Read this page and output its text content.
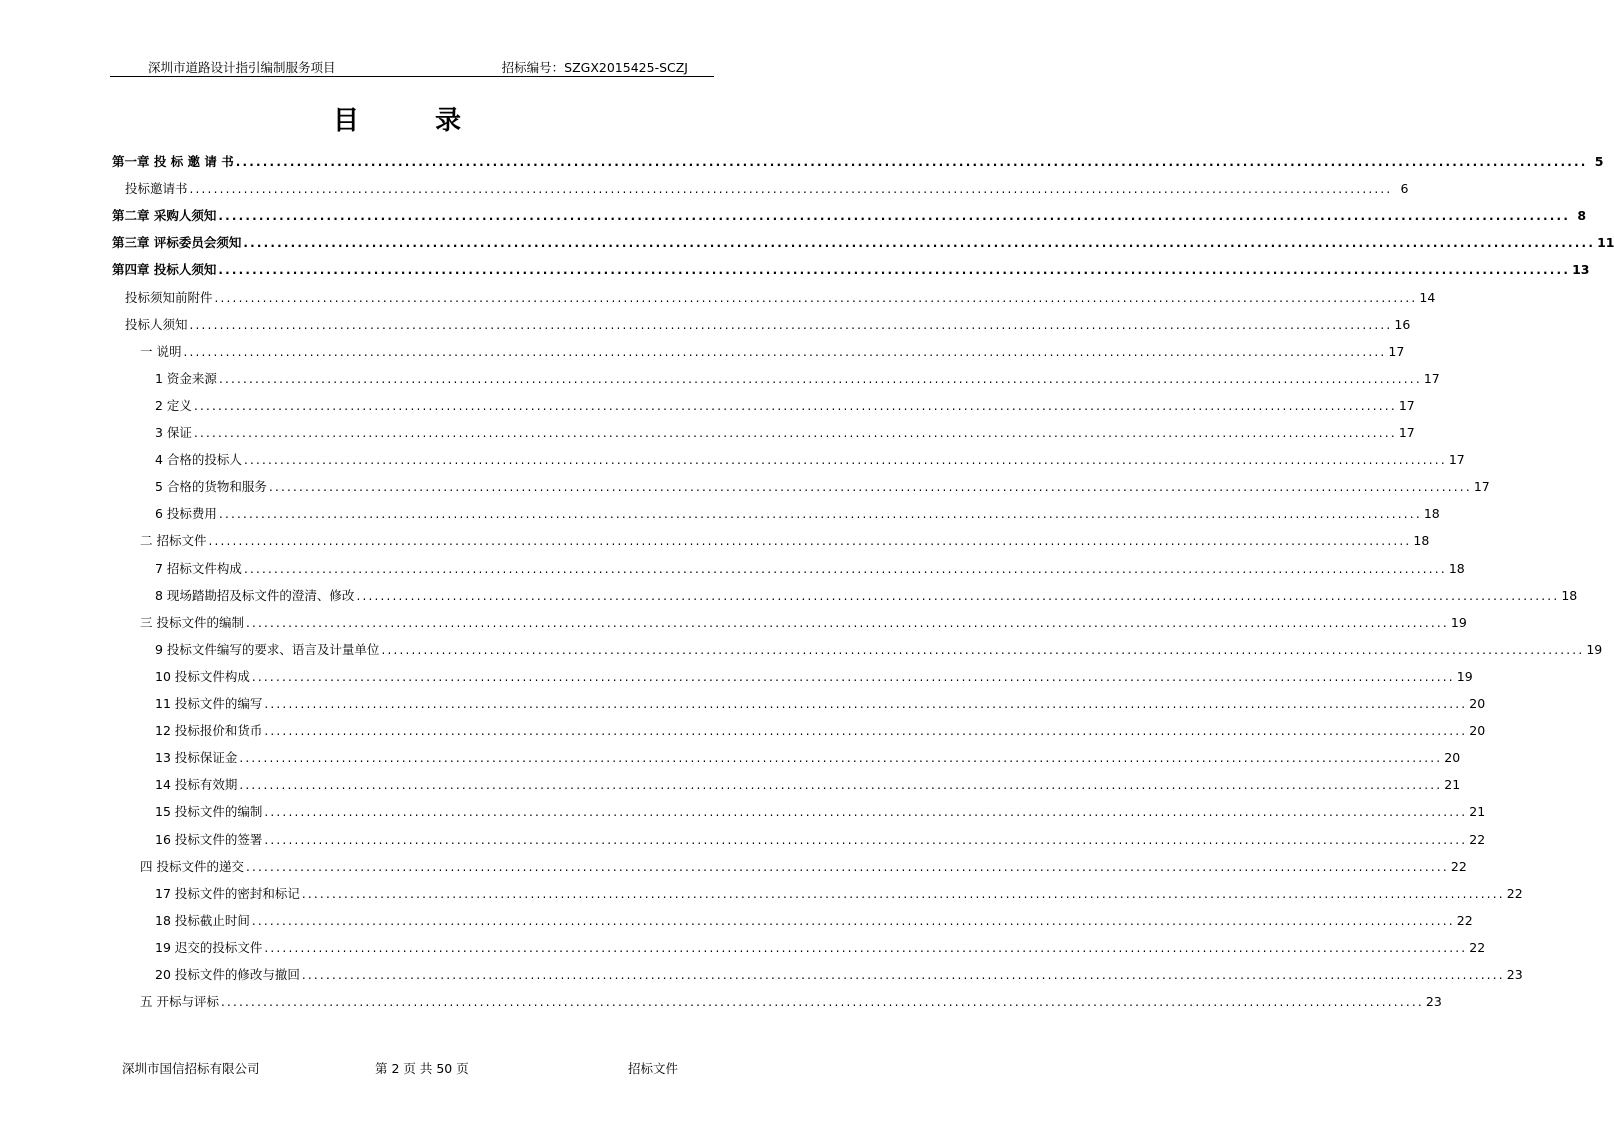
深圳市道路设计指引编制服务项目	招标编号：SZGX2015425-SCZJ
目	录
第一章 投 标 邀 请 书 ........................................................................................................................................................................................................ 5
投标邀请书 ........................................................................................................................................................................................................ 6
第二章 采购人须知 ........................................................................................................................................................................................................ 8
第三章 评标委员会须知 ........................................................................................................................................................................................................ 11
第四章 投标人须知 ........................................................................................................................................................................................................ 13
投标须知前附件 ........................................................................................................................................................................................................ 14
投标人须知 ........................................................................................................................................................................................................ 16
一 说明 ........................................................................................................................................................................................................ 17
1 资金来源 ........................................................................................................................................................................................................ 17
2 定义 ........................................................................................................................................................................................................ 17
3 保证 ........................................................................................................................................................................................................ 17
4 合格的投标人 ........................................................................................................................................................................................................ 17
5 合格的货物和服务 ........................................................................................................................................................................................................ 17
6 投标费用 ........................................................................................................................................................................................................ 18
二 招标文件 ........................................................................................................................................................................................................ 18
7 招标文件构成 ........................................................................................................................................................................................................ 18
8 现场踏勘招及标文件的澄清、修改 ........................................................................................................................................................................................................ 18
三 投标文件的编制 ........................................................................................................................................................................................................ 19
9 投标文件编写的要求、语言及计量单位 ........................................................................................................................................................................................................ 19
10 投标文件构成 ........................................................................................................................................................................................................ 19
11 投标文件的编写 ........................................................................................................................................................................................................ 20
12 投标报价和货币 ........................................................................................................................................................................................................ 20
13 投标保证金 ........................................................................................................................................................................................................ 20
14 投标有效期 ........................................................................................................................................................................................................ 21
15 投标文件的编制 ........................................................................................................................................................................................................ 21
16 投标文件的签署 ........................................................................................................................................................................................................ 22
四 投标文件的递交 ........................................................................................................................................................................................................ 22
17 投标文件的密封和标记 ........................................................................................................................................................................................................ 22
18 投标截止时间 ........................................................................................................................................................................................................ 22
19 迟交的投标文件 ........................................................................................................................................................................................................ 22
20 投标文件的修改与撤回 ........................................................................................................................................................................................................ 23
五 开标与评标 ........................................................................................................................................................................................................ 23
深圳市国信招标有限公司	第 2 页 共 50 页	招标文件
